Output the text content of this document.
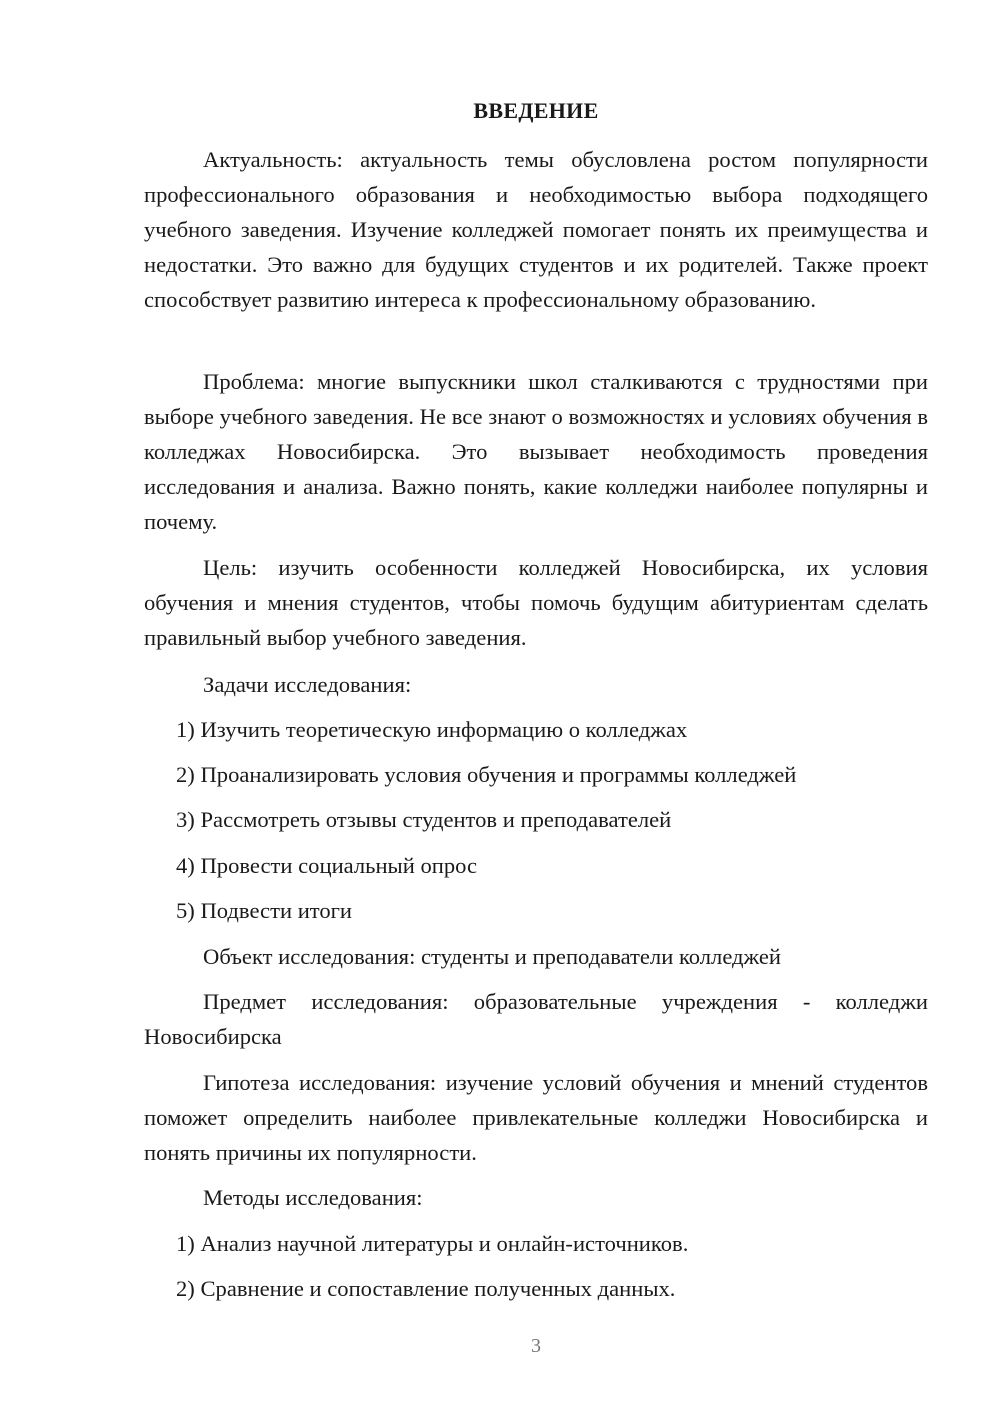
ВВЕДЕНИЕ

Актуальность: актуальность темы обусловлена ростом популярности профессионального образования и необходимостью выбора подходящего учебного заведения. Изучение колледжей помогает понять их преимущества и недостатки. Это важно для будущих студентов и их родителей. Также проект способствует развитию интереса к профессиональному образованию.

Проблема: многие выпускники школ сталкиваются с трудностями при выборе учебного заведения. Не все знают о возможностях и условиях обучения в колледжах Новосибирска. Это вызывает необходимость проведения исследования и анализа. Важно понять, какие колледжи наиболее популярны и почему.

Цель: изучить особенности колледжей Новосибирска, их условия обучения и мнения студентов, чтобы помочь будущим абитуриентам сделать правильный выбор учебного заведения.

Задачи исследования:

1) Изучить теоретическую информацию о колледжах
2) Проанализировать условия обучения и программы колледжей
3) Рассмотреть отзывы студентов и преподавателей
4) Провести социальный опрос
5) Подвести итоги

Объект исследования: студенты и преподаватели колледжей

Предмет исследования: образовательные учреждения - колледжи Новосибирска

Гипотеза исследования: изучение условий обучения и мнений студентов поможет определить наиболее привлекательные колледжи Новосибирска и понять причины их популярности.

Методы исследования:

1) Анализ научной литературы и онлайн-источников.
2) Сравнение и сопоставление полученных данных.
3
